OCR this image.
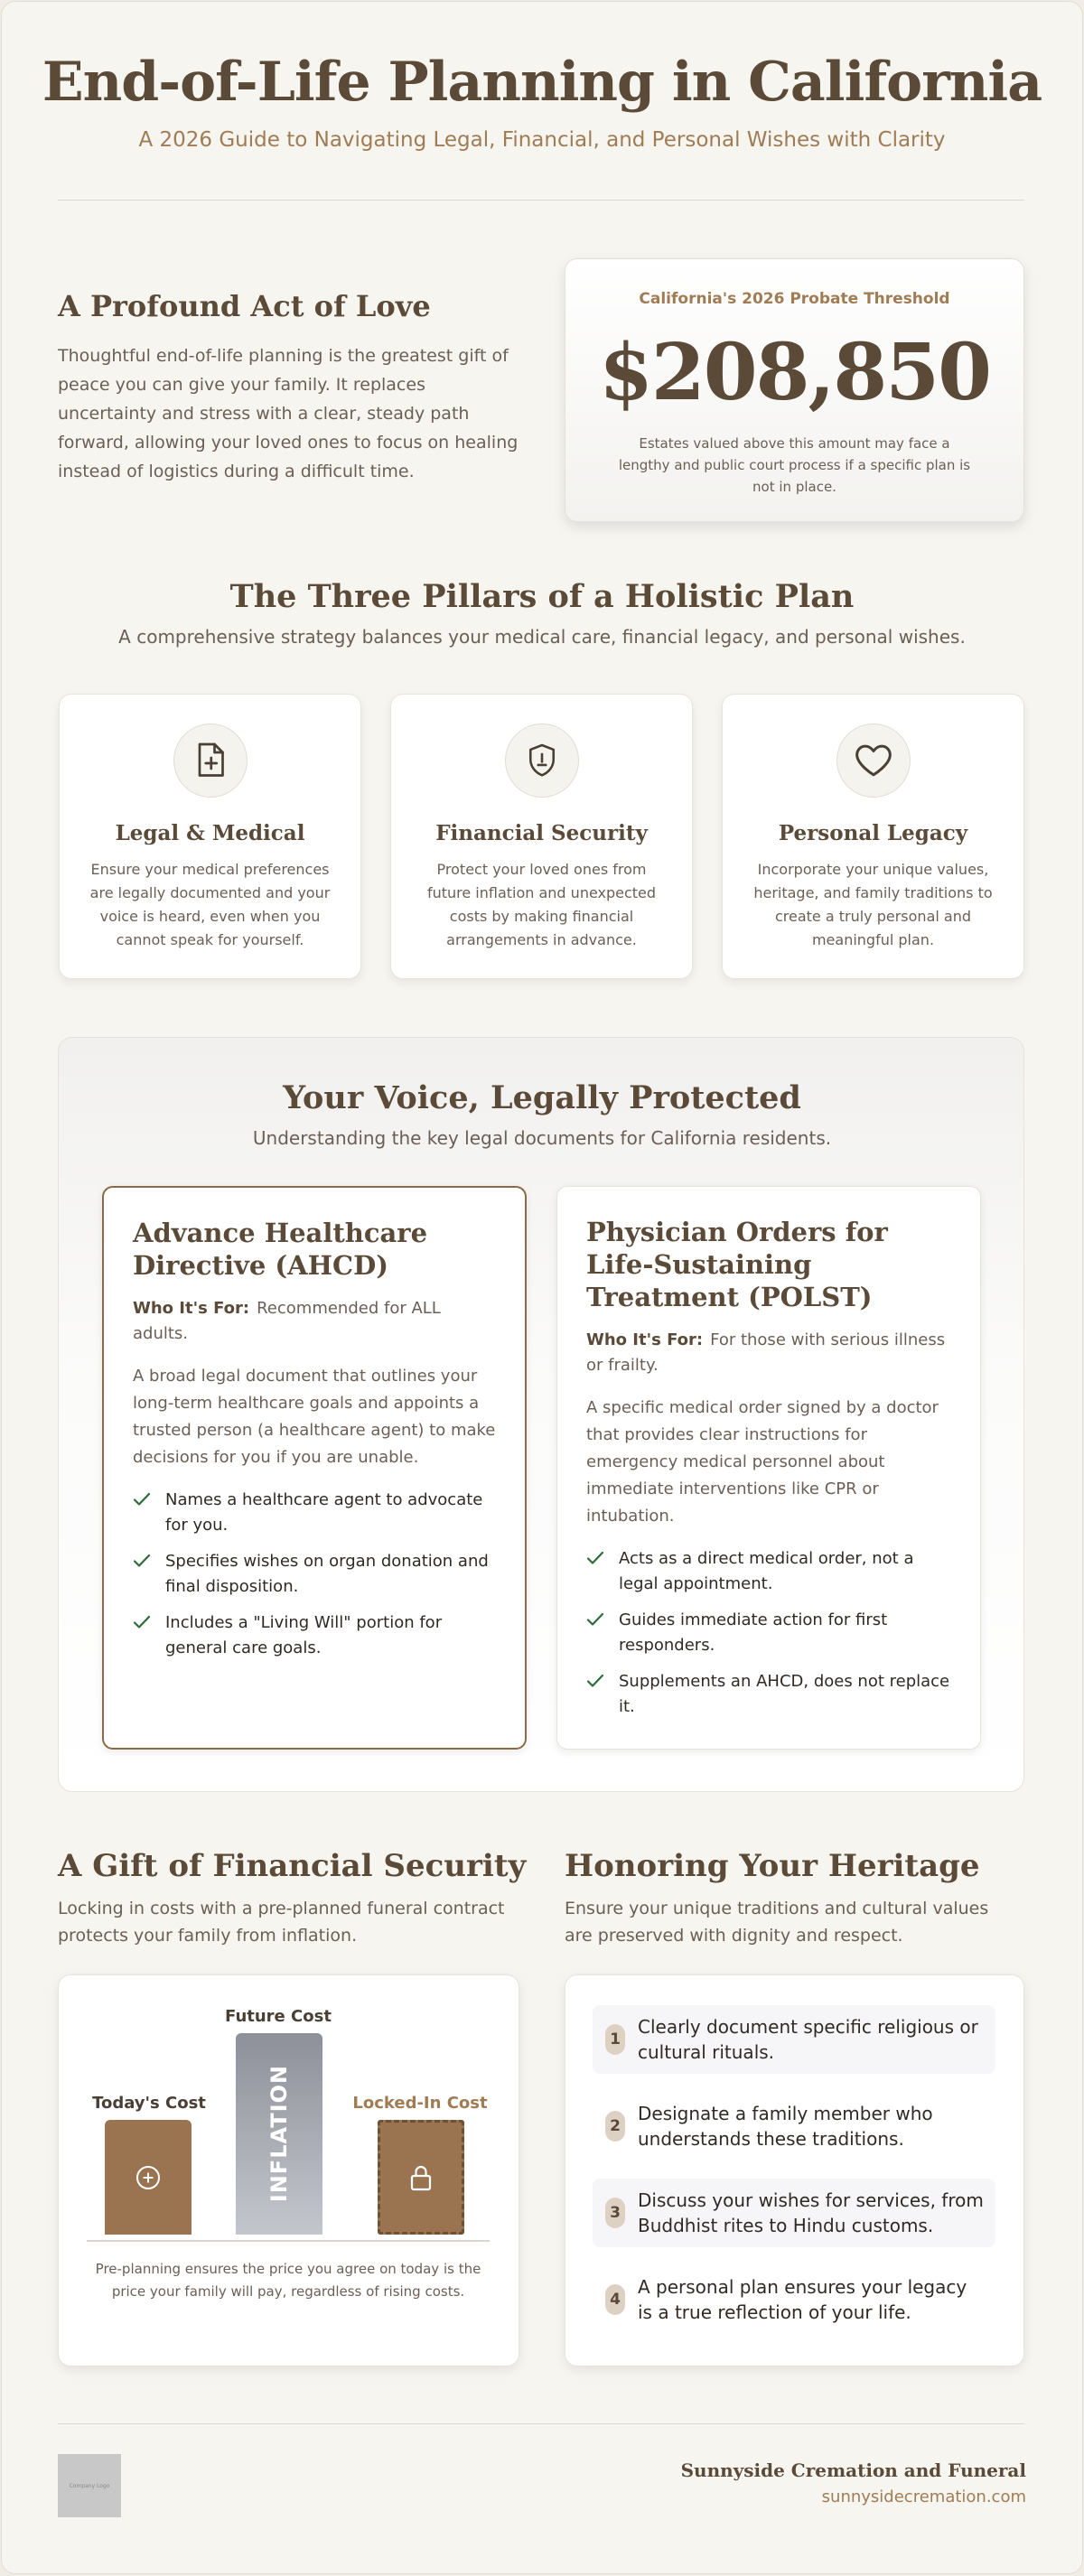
End-of-Life Planning in California
A 2026 Guide to Navigating Legal, Financial, and Personal Wishes with Clarity
A Profound Act of Love

Thoughtful end-of-life planning is the greatest gift of peace you can give your family. It replaces uncertainty and stress with a clear, steady path forward, allowing your loved ones to focus on healing instead of logistics during a difficult time.

California's 2026 Probate Threshold
$208,850
Estates valued above this amount may face a lengthy and public court process if a specific plan is not in place.
The Three Pillars of a Holistic Plan
A comprehensive strategy balances your medical care, financial legacy, and personal wishes.
Legal & Medical
Ensure your medical preferences are legally documented and your voice is heard, even when you cannot speak for yourself.
Financial Security
Protect your loved ones from future inflation and unexpected costs by making financial arrangements in advance.
Personal Legacy
Incorporate your unique values, heritage, and family traditions to create a truly personal and meaningful plan.
Your Voice, Legally Protected
Understanding the key legal documents for California residents.
Advance Healthcare Directive (AHCD)
Who It's For: Recommended for ALL adults.
A broad legal document that outlines your long-term healthcare goals and appoints a trusted person (a healthcare agent) to make decisions for you if you are unable.
Names a healthcare agent to advocate for you.
Specifies wishes on organ donation and final disposition.
Includes a "Living Will" portion for general care goals.
Physician Orders for Life-Sustaining Treatment (POLST)
Who It's For: For those with serious illness or frailty.
A specific medical order signed by a doctor that provides clear instructions for emergency medical personnel about immediate interventions like CPR or intubation.
Acts as a direct medical order, not a legal appointment.
Guides immediate action for first responders.
Supplements an AHCD, does not replace it.
A Gift of Financial Security

Locking in costs with a pre-planned funeral contract protects your family from inflation.

Today's Cost
Future Cost
INFLATION	Locked-In Cost
Pre-planning ensures the price you agree on today is the price your family will pay, regardless of rising costs.
Honoring Your Heritage

Ensure your unique traditions and cultural values are preserved with dignity and respect.

1
Clearly document specific religious or cultural rituals.
2
Designate a family member who understands these traditions.
3
Discuss your wishes for services, from Buddhist rites to Hindu customs.
4
A personal plan ensures your legacy is a true reflection of your life.
Company Logo
Sunnyside Cremation and Funeral
sunnysidecremation.com
